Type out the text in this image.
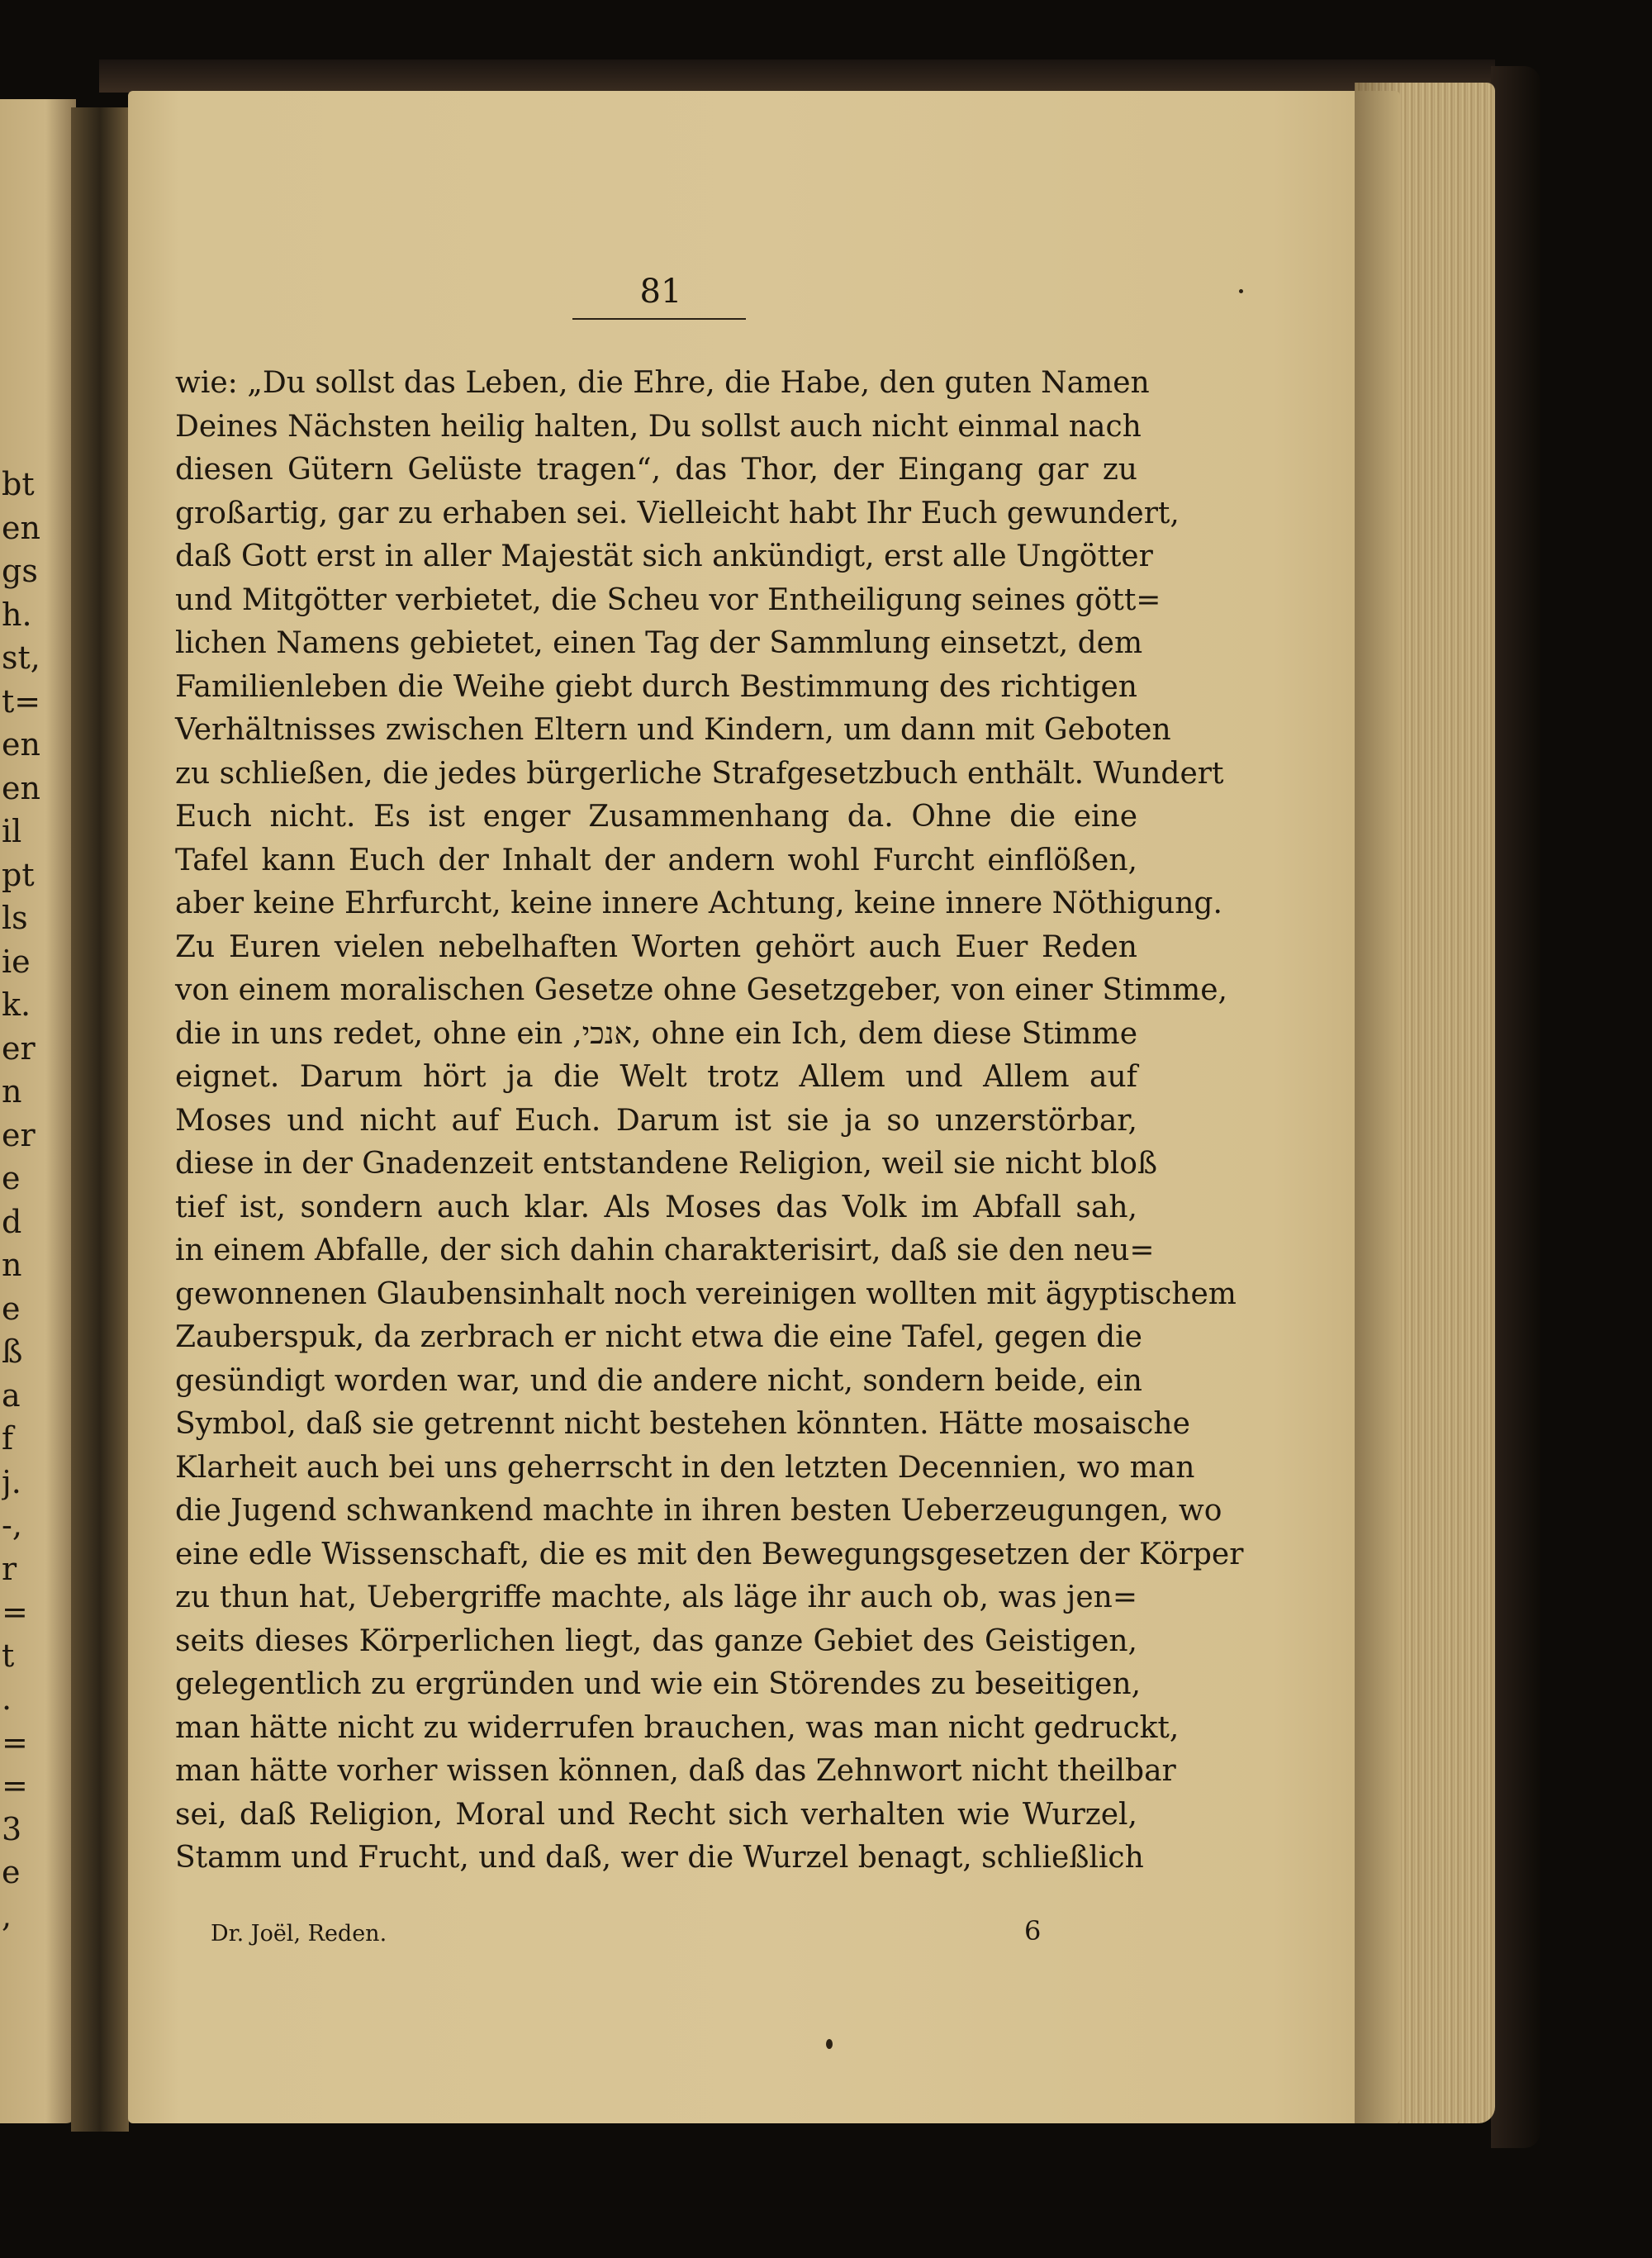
bt
en
gs
h.
st,
t=
en
en
il
pt
ls
ie
k.
er
n
er
e
d
n
e
ß
a
f
j.
-,
r
=
t
.
=
=
3
e
,
81
wie: „Du sollst das Leben, die Ehre, die Habe, den guten Namen
Deines Nächsten heilig halten, Du sollst auch nicht einmal nach
diesen Gütern Gelüste tragen“, das Thor, der Eingang gar zu
großartig, gar zu erhaben sei. Vielleicht habt Ihr Euch gewundert,
daß Gott erst in aller Majestät sich ankündigt, erst alle Ungötter
und Mitgötter verbietet, die Scheu vor Entheiligung seines gött=
lichen Namens gebietet, einen Tag der Sammlung einsetzt, dem
Familienleben die Weihe giebt durch Bestimmung des richtigen
Verhältnisses zwischen Eltern und Kindern, um dann mit Geboten
zu schließen, die jedes bürgerliche Strafgesetzbuch enthält. Wundert
Euch nicht. Es ist enger Zusammenhang da. Ohne die eine
Tafel kann Euch der Inhalt der andern wohl Furcht einflößen,
aber keine Ehrfurcht, keine innere Achtung, keine innere Nöthigung.
Zu Euren vielen nebelhaften Worten gehört auch Euer Reden
von einem moralischen Gesetze ohne Gesetzgeber, von einer Stimme,
die in uns redet, ohne ein ,אנכי, ohne ein Ich, dem diese Stimme
eignet. Darum hört ja die Welt trotz Allem und Allem auf
Moses und nicht auf Euch. Darum ist sie ja so unzerstörbar,
diese in der Gnadenzeit entstandene Religion, weil sie nicht bloß
tief ist, sondern auch klar. Als Moses das Volk im Abfall sah,
in einem Abfalle, der sich dahin charakterisirt, daß sie den neu=
gewonnenen Glaubensinhalt noch vereinigen wollten mit ägyptischem
Zauberspuk, da zerbrach er nicht etwa die eine Tafel, gegen die
gesündigt worden war, und die andere nicht, sondern beide, ein
Symbol, daß sie getrennt nicht bestehen könnten. Hätte mosaische
Klarheit auch bei uns geherrscht in den letzten Decennien, wo man
die Jugend schwankend machte in ihren besten Ueberzeugungen, wo
eine edle Wissenschaft, die es mit den Bewegungsgesetzen der Körper
zu thun hat, Uebergriffe machte, als läge ihr auch ob, was jen=
seits dieses Körperlichen liegt, das ganze Gebiet des Geistigen,
gelegentlich zu ergründen und wie ein Störendes zu beseitigen,
man hätte nicht zu widerrufen brauchen, was man nicht gedruckt,
man hätte vorher wissen können, daß das Zehnwort nicht theilbar
sei, daß Religion, Moral und Recht sich verhalten wie Wurzel,
Stamm und Frucht, und daß, wer die Wurzel benagt, schließlich
Dr. Joël, Reden.	6
